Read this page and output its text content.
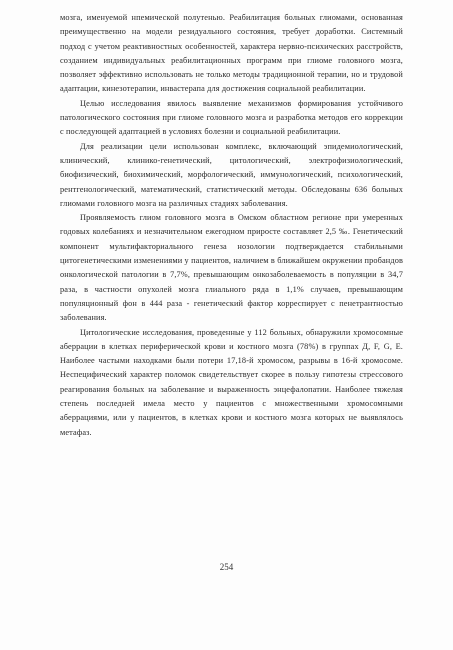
мозга, именуемой нпемической полутенью. Реабилитация больных глиомами, основанная преимущественно на модели резидуального состояния, требует доработки. Системный подход с учетом реактивностных особенностей, характера нервно-психических расстройств, созданием индивидуальных реабилитационных программ при глиоме головного мозга, позволяет эффективно использовать не только методы традиционной терапии, но и трудовой адаптации, кинезотерапии, инвастерапа для достижения социальной реабилитации.

Целью исследования явилось выявление механизмов формирования устойчивого патологического состояния при глиоме головного мозга и разработка методов его коррекции с последующей адаптацией в условиях болезни и социальной реабилитации.

Для реализации цели использован комплекс, включающий эпидемиологический, клинический, клинико-генетический, цитологический, электрофизиологический, биофизический, биохимический, морфологический, иммунологический, психологический, рентгенологический, математический, статистический методы. Обследованы 636 больных глиомами головного мозга на различных стадиях заболевания.

Проявляемость глиом головного мозга в Омском областном регионе при умеренных годовых колебаниях и незначительном ежегодном прироcте составляет 2,5 ‰. Генетический компонент мультифакториального генеза нозологии подтверждается стабильными цитогенетическими изменениями у пациентов, наличием в ближайшем окружении пробандов онкологической патологии в 7,7%, превышающим онкозаболеваемость в популяции в 34,7 раза, в частности опухолей мозга глиального ряда в 1,1% случаев, превышающим популяционный фон в 444 раза - генетический фактор корреспирует с пенетрантностью заболевания.

Цитологические исследования, проведенные у 112 больных, обнаружили хромосомные аберрации в клетках периферической крови и костного мозга (78%) в группах Д, F, G, E. Наиболее частыми находками были потери 17,18-й хромосом, разрывы в 16-й хромосоме. Неспецифический характер поломок свидетельствует скорее в пользу гипотезы стрессового реагирования больных на заболевание и выраженность энцефалопатии. Наиболее тяжелая степень последней имела место у пациентов с множественными хромосомными аберрациями, или у пациентов, в клетках крови и костного мозга которых не выявлялось метафаз.

254
